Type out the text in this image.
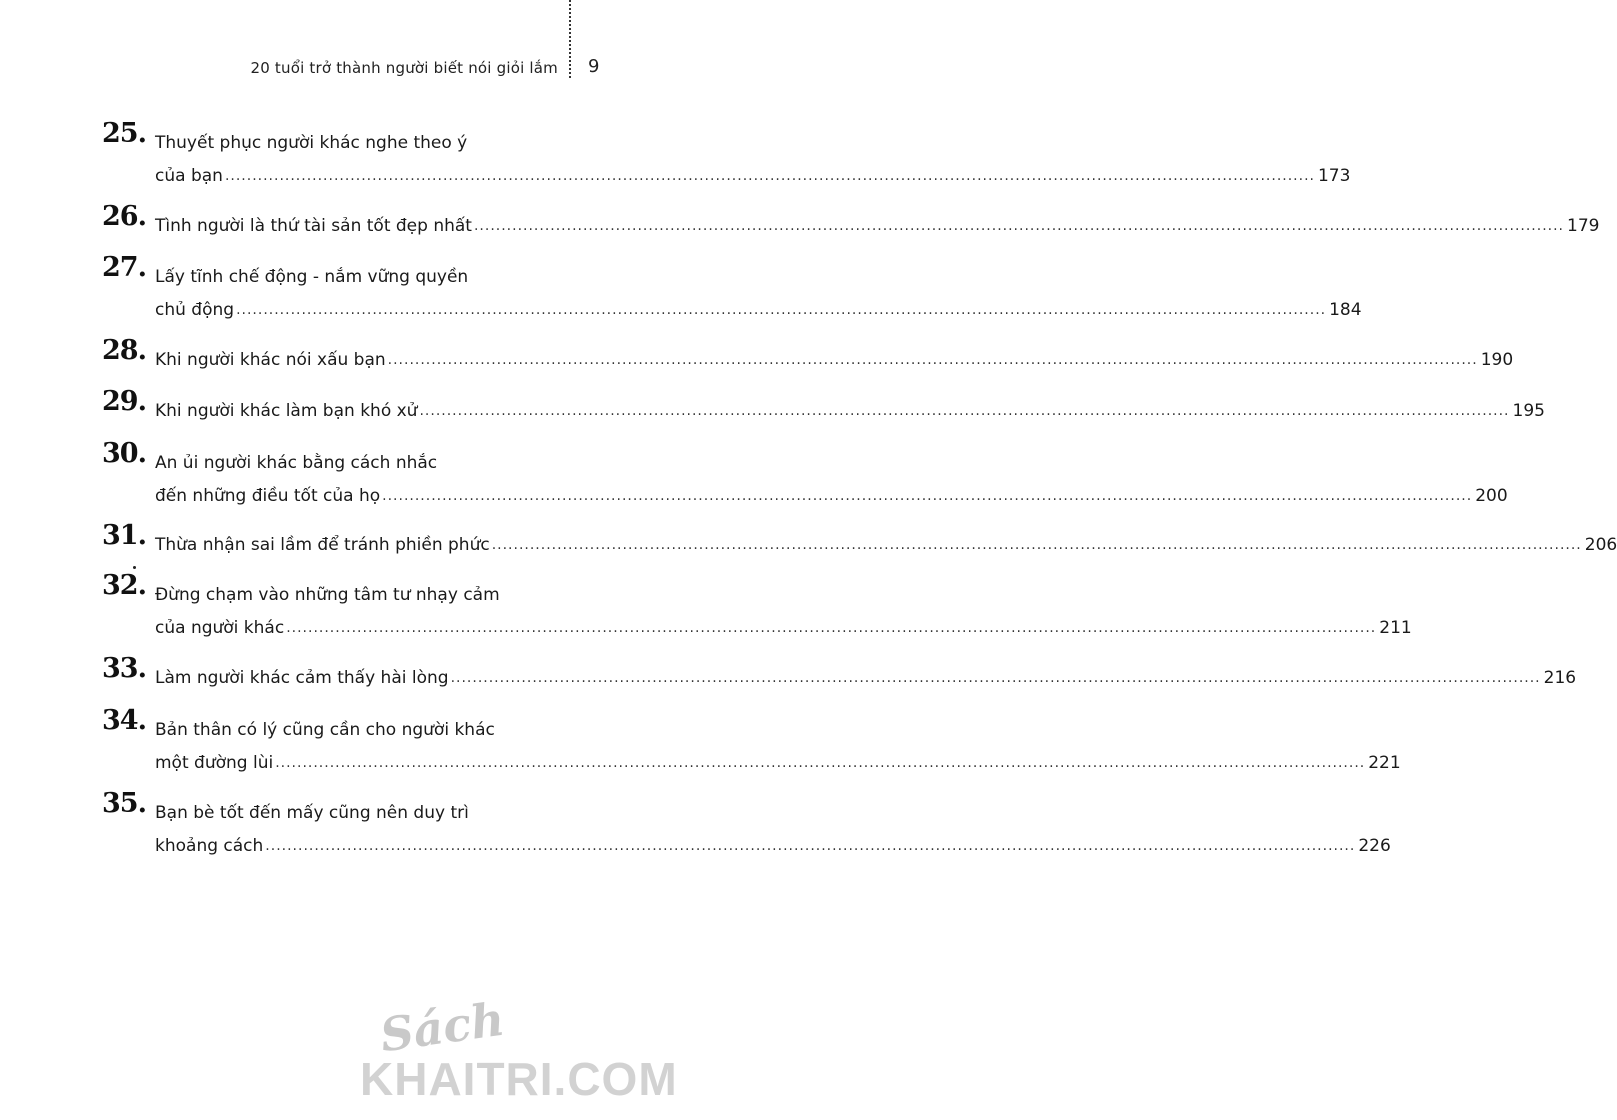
20 tuổi trở thành người biết nói giỏi lắm 9
25. Thuyết phục người khác nghe theo ý
của bạn ........................................................................................................................................................................................................ 173
26. Tình người là thứ tài sản tốt đẹp nhất ........................................................................................................................................................................................................ 179
27. Lấy tĩnh chế động - nắm vững quyền
chủ động ........................................................................................................................................................................................................ 184
28. Khi người khác nói xấu bạn ........................................................................................................................................................................................................ 190
29. Khi người khác làm bạn khó xử ........................................................................................................................................................................................................ 195
30. An ủi người khác bằng cách nhắc
đến những điều tốt của họ ........................................................................................................................................................................................................ 200
31. Thừa nhận sai lầm để tránh phiền phức ........................................................................................................................................................................................................ 206
32. Đừng chạm vào những tâm tư nhạy cảm
của người khác ........................................................................................................................................................................................................ 211
33. Làm người khác cảm thấy hài lòng ........................................................................................................................................................................................................ 216
34. Bản thân có lý cũng cần cho người khác
một đường lùi ........................................................................................................................................................................................................ 221
35. Bạn bè tốt đến mấy cũng nên duy trì
khoảng cách ........................................................................................................................................................................................................ 226
Sách
KHAITRI.COM
